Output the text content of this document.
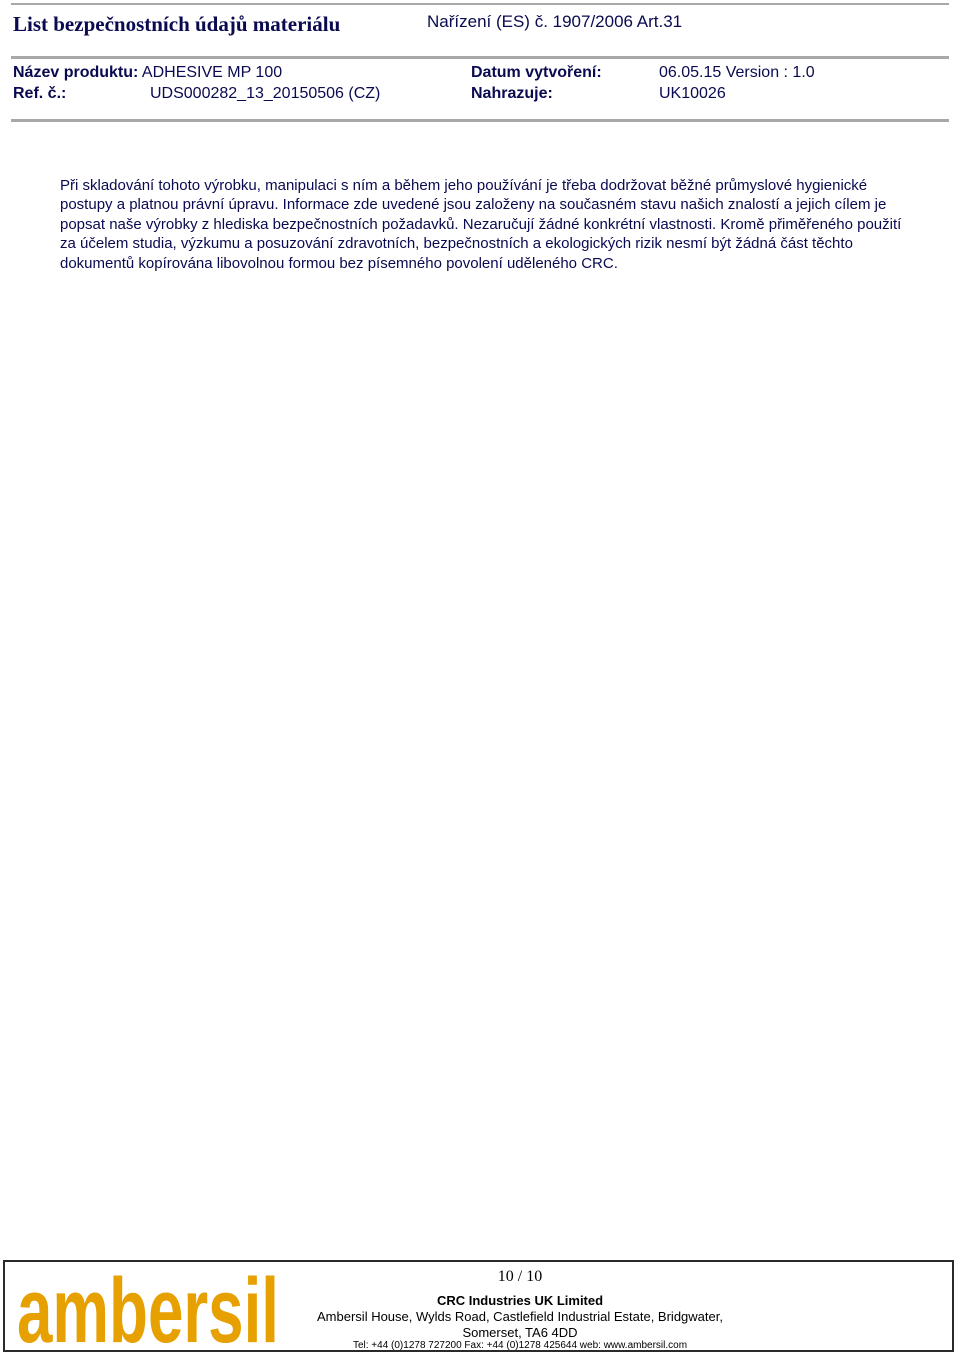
List bezpečnostních údajů materiálu	Nařízení (ES) č. 1907/2006 Art.31
Název produktu: ADHESIVE MP 100
Ref. č.:	UDS000282_13_20150506 (CZ)
Datum vytvoření:	06.05.15 Version : 1.0
Nahrazuje:	UK10026
Při skladování tohoto výrobku, manipulaci s ním a během jeho používání je třeba dodržovat běžné průmyslové hygienické postupy a platnou právní úpravu. Informace zde uvedené jsou založeny na současném stavu našich znalostí a jejich cílem je popsat naše výrobky z hlediska bezpečnostních požadavků. Nezaručují žádné konkrétní vlastnosti. Kromě přiměřeného použití za účelem studia, výzkumu a posuzování zdravotních, bezpečnostních a ekologických rizik nesmí být žádná část těchto dokumentů kopírována libovolnou formou bez písemného povolení uděleného CRC.
ambersil	10 / 10
CRC Industries UK Limited
Ambersil House, Wylds Road, Castlefield Industrial Estate, Bridgwater,
Somerset, TA6 4DD
Tel: +44 (0)1278 727200 Fax: +44 (0)1278 425644 web: www.ambersil.com
